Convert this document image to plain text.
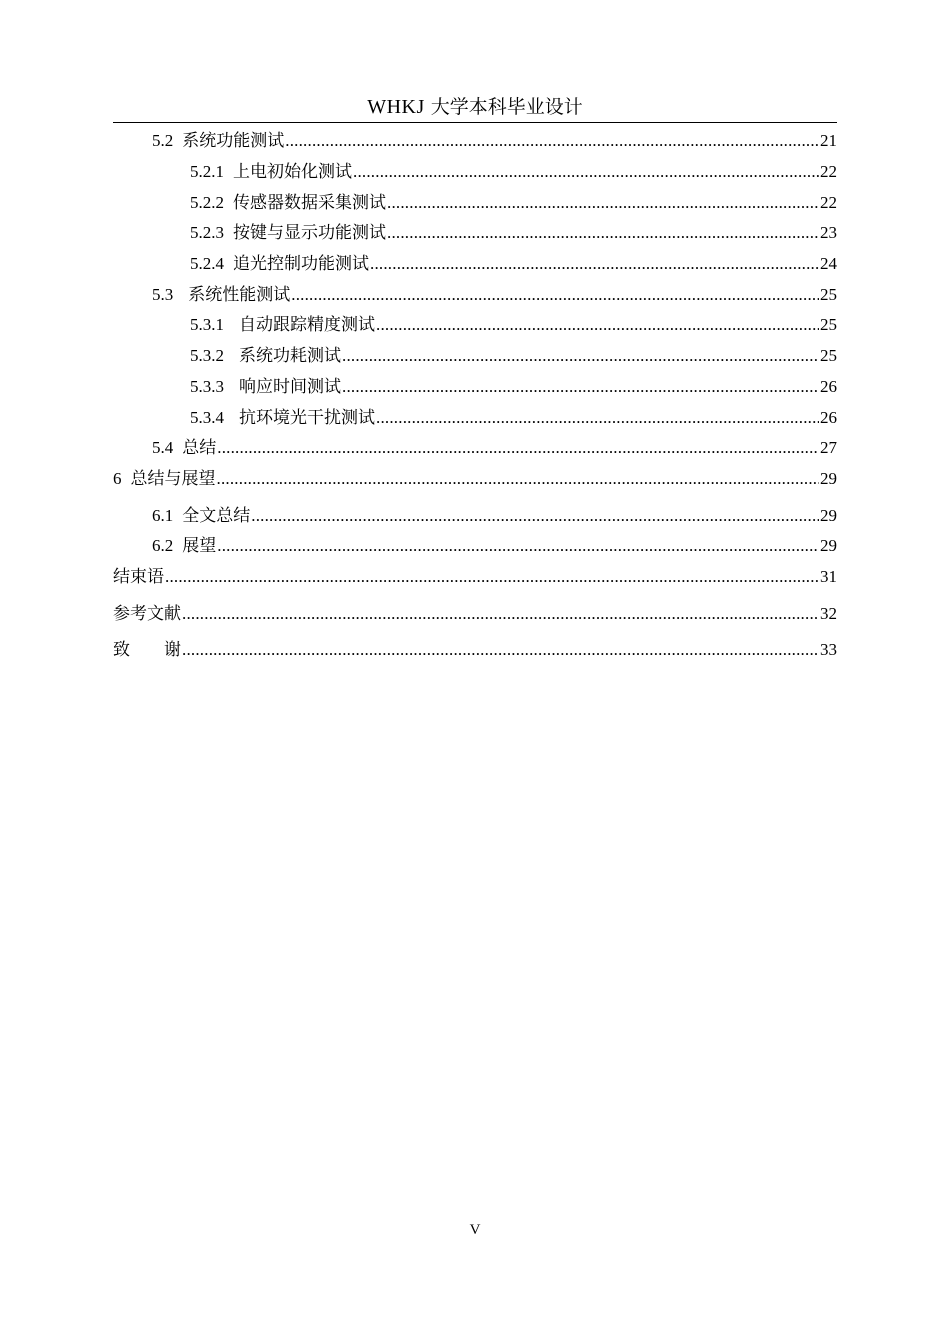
WHKJ 大学本科毕业设计
5.2 系统功能测试 .....	21
5.2.1 上电初始化测试 .....	22
5.2.2 传感器数据采集测试 .....	22
5.2.3 按键与显示功能测试 .....	23
5.2.4 追光控制功能测试 .....	24
5.3 系统性能测试 .....	25
5.3.1 自动跟踪精度测试 .....	25
5.3.2 系统功耗测试 .....	25
5.3.3 响应时间测试 .....	26
5.3.4 抗环境光干扰测试 .....	26
5.4 总结 .....	27
6 总结与展望 .....	29
6.1 全文总结 .....	29
6.2 展望 .....	29
结束语 .....	31
参考文献 .....	32
致　　谢 .....	33
V
